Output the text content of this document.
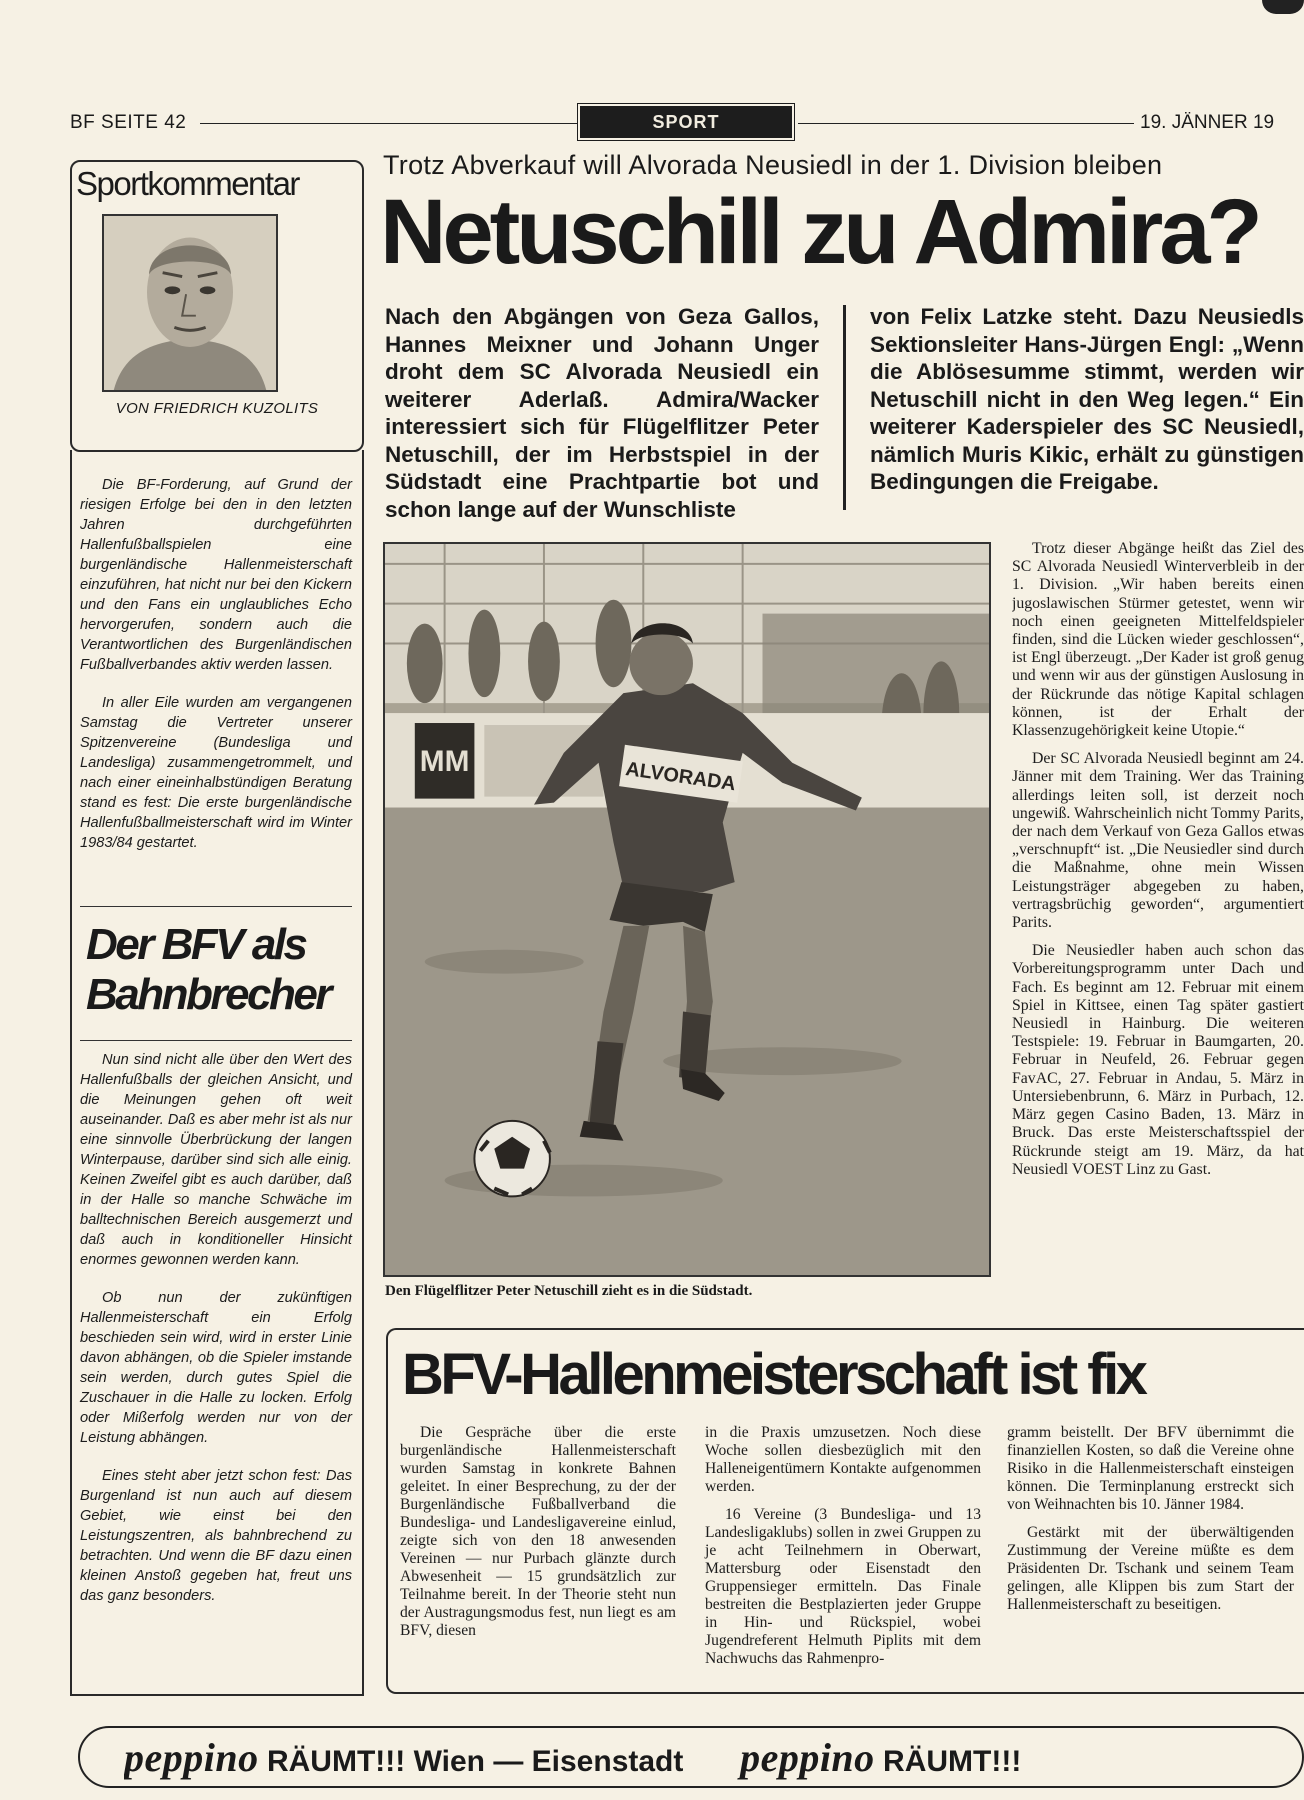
BF SEITE 42	SPORT	19. JÄNNER 19
Sportkommentar
VON FRIEDRICH KUZOLITS

Die BF-Forderung, auf Grund der riesigen Erfolge bei den in den letzten Jahren durchgeführten Hallenfußballspielen eine burgenländische Hallenmeisterschaft einzuführen, hat nicht nur bei den Kickern und den Fans ein unglaubliches Echo hervorgerufen, sondern auch die Verantwortlichen des Burgenländischen Fußballverbandes aktiv werden lassen.

In aller Eile wurden am vergangenen Samstag die Vertreter unserer Spitzenvereine (Bundesliga und Landesliga) zusammengetrommelt, und nach einer eineinhalbstündigen Beratung stand es fest: Die erste burgenländische Hallenfußballmeisterschaft wird im Winter 1983/84 gestartet.

Der BFV als Bahnbrecher

Nun sind nicht alle über den Wert des Hallenfußballs der gleichen Ansicht, und die Meinungen gehen oft weit auseinander. Daß es aber mehr ist als nur eine sinnvolle Überbrückung der langen Winterpause, darüber sind sich alle einig. Keinen Zweifel gibt es auch darüber, daß in der Halle so manche Schwäche im balltechnischen Bereich ausgemerzt und daß auch in konditioneller Hinsicht enormes gewonnen werden kann.

Ob nun der zukünftigen Hallenmeisterschaft ein Erfolg beschieden sein wird, wird in erster Linie davon abhängen, ob die Spieler imstande sein werden, durch gutes Spiel die Zuschauer in die Halle zu locken. Erfolg oder Mißerfolg werden nur von der Leistung abhängen.

Eines steht aber jetzt schon fest: Das Burgenland ist nun auch auf diesem Gebiet, wie einst bei den Leistungszentren, als bahnbrechend zu betrachten. Und wenn die BF dazu einen kleinen Anstoß gegeben hat, freut uns das ganz besonders.

Trotz Abverkauf will Alvorada Neusiedl in der 1. Division bleiben
Netuschill zu Admira?
Nach den Abgängen von Geza Gallos, Hannes Meixner und Johann Unger droht dem SC Alvorada Neusiedl ein weiterer Aderlaß. Admira/Wacker interessiert sich für Flügelflitzer Peter Netuschill, der im Herbstspiel in der Südstadt eine Prachtpartie bot und schon lange auf der Wunschliste
von Felix Latzke steht. Dazu Neusiedls Sektionsleiter Hans-Jürgen Engl: „Wenn die Ablösesumme stimmt, werden wir Netuschill nicht in den Weg legen.“ Ein weiterer Kaderspieler des SC Neusiedl, nämlich Muris Kikic, erhält zu günstigen Bedingungen die Freigabe.
MM	ALVORADA
Den Flügelflitzer Peter Netuschill zieht es in die Südstadt.

Trotz dieser Abgänge heißt das Ziel des SC Alvorada Neusiedl Winterverbleib in der 1. Division. „Wir haben bereits einen jugoslawischen Stürmer getestet, wenn wir noch einen geeigneten Mittelfeldspieler finden, sind die Lücken wieder geschlossen“, ist Engl überzeugt. „Der Kader ist groß genug und wenn wir aus der günstigen Auslosung in der Rückrunde das nötige Kapital schlagen können, ist der Erhalt der Klassenzugehörigkeit keine Utopie.“

Der SC Alvorada Neusiedl beginnt am 24. Jänner mit dem Training. Wer das Training allerdings leiten soll, ist derzeit noch ungewiß. Wahrscheinlich nicht Tommy Parits, der nach dem Verkauf von Geza Gallos etwas „verschnupft“ ist. „Die Neusiedler sind durch die Maßnahme, ohne mein Wissen Leistungsträger abgegeben zu haben, vertragsbrüchig geworden“, argumentiert Parits.

Die Neusiedler haben auch schon das Vorbereitungsprogramm unter Dach und Fach. Es beginnt am 12. Februar mit einem Spiel in Kittsee, einen Tag später gastiert Neusiedl in Hainburg. Die weiteren Testspiele: 19. Februar in Baumgarten, 20. Februar in Neufeld, 26. Februar gegen FavAC, 27. Februar in Andau, 5. März in Untersiebenbrunn, 6. März in Purbach, 12. März gegen Casino Baden, 13. März in Bruck. Das erste Meisterschaftsspiel der Rückrunde steigt am 19. März, da hat Neusiedl VOEST Linz zu Gast.

BFV-Hallenmeisterschaft ist fix

Die Gespräche über die erste burgenländische Hallenmeisterschaft wurden Samstag in konkrete Bahnen geleitet. In einer Besprechung, zu der der Burgenländische Fußballverband die Bundesliga- und Landesligavereine einlud, zeigte sich von den 18 anwesenden Vereinen — nur Purbach glänzte durch Abwesenheit — 15 grundsätzlich zur Teilnahme bereit. In der Theorie steht nun der Austragungsmodus fest, nun liegt es am BFV, diesen

in die Praxis umzusetzen. Noch diese Woche sollen diesbezüglich mit den Halleneigentümern Kontakte aufgenommen werden.

16 Vereine (3 Bundesliga- und 13 Landesligaklubs) sollen in zwei Gruppen zu je acht Teilnehmern in Oberwart, Mattersburg oder Eisenstadt den Gruppensieger ermitteln. Das Finale bestreiten die Bestplazierten jeder Gruppe in Hin- und Rückspiel, wobei Jugendreferent Helmuth Piplits mit dem Nachwuchs das Rahmenpro-

gramm beistellt. Der BFV übernimmt die finanziellen Kosten, so daß die Vereine ohne Risiko in die Hallenmeisterschaft einsteigen können. Die Terminplanung erstreckt sich von Weihnachten bis 10. Jänner 1984.

Gestärkt mit der überwältigenden Zustimmung der Vereine müßte es dem Präsidenten Dr. Tschank und seinem Team gelingen, alle Klippen bis zum Start der Hallenmeisterschaft zu beseitigen.

peppino RÄUMT!!! Wien — Eisenstadt peppino RÄUMT!!!
